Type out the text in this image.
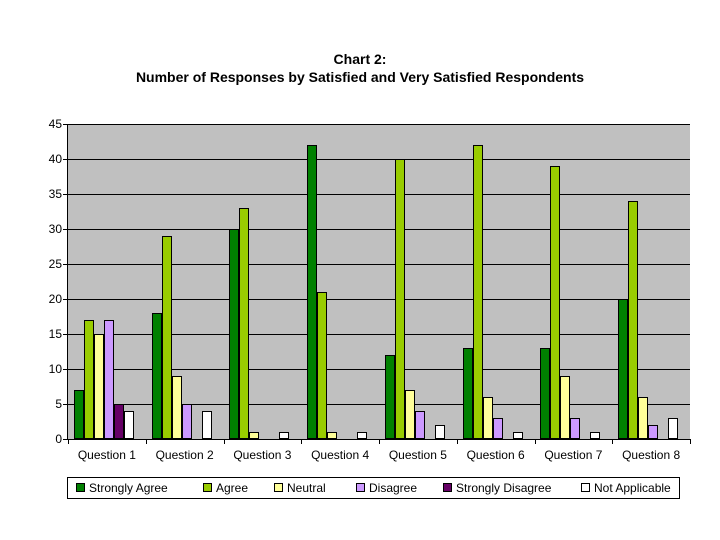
Chart 2:
Number of Responses by Satisfied and Very Satisfied Respondents
0
5
10
15
20
25
30
35
40
45
Question 1	Question 2	Question 3	Question 4	Question 5	Question 6	Question 7	Question 8
Strongly Agree	Agree	Neutral	Disagree	Strongly Disagree	Not Applicable
